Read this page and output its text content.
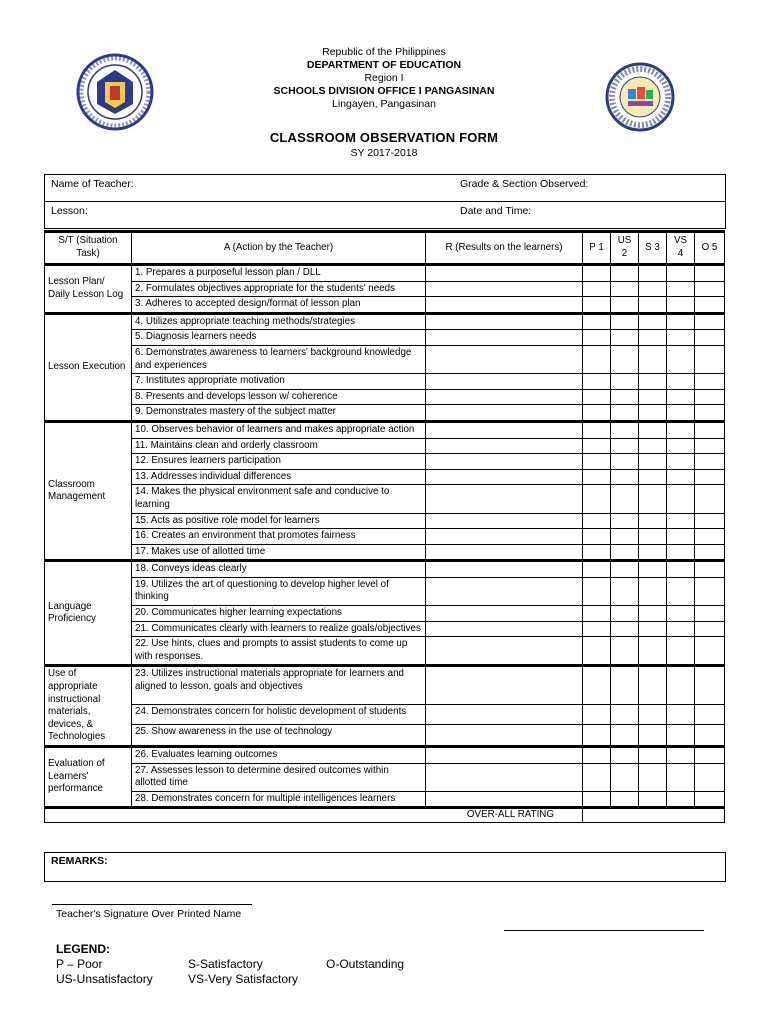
Republic of the Philippines
DEPARTMENT OF EDUCATION
Region I
SCHOOLS DIVISION OFFICE I PANGASINAN
Lingayen, Pangasinan
CLASSROOM OBSERVATION FORM
SY 2017-2018
Name of Teacher:	Grade & Section Observed:
Lesson:	Date and Time:
S/T (Situation Task)	A (Action by the Teacher)	R (Results on the learners)	P 1	US 2	S 3	VS 4	O 5
Lesson Plan/ Daily Lesson Log	1. Prepares a purposeful lesson plan / DLL						
	2. Formulates objectives appropriate for the students' needs						
	3. Adheres to accepted design/format of lesson plan						
Lesson Execution	4. Utilizes appropriate teaching methods/strategies						
	5. Diagnosis learners needs						
	6. Demonstrates awareness to learners' background knowledge and experiences						
	7. Institutes appropriate motivation						
	8. Presents and develops lesson w/ coherence						
	9. Demonstrates mastery of the subject matter						
Classroom Management	10. Observes behavior of learners and makes appropriate action						
	11. Maintains clean and orderly classroom						
	12. Ensures learners participation						
	13. Addresses individual differences						
	14. Makes the physical environment safe and conducive to learning						
	15. Acts as positive role model for learners						
	16. Creates an environment that promotes fairness						
	17. Makes use of allotted time						
Language Proficiency	18. Conveys ideas clearly						
	19. Utilizes the art of questioning to develop higher level of thinking						
	20. Communicates higher learning expectations						
	21. Communicates clearly with learners to realize goals/objectives						
	22. Use hints, clues and prompts to assist students to come up with responses.						
Use of appropriate instructional materials, devices, & Technologies	23. Utilizes instructional materials appropriate for learners and aligned to lesson, goals and objectives						
	24. Demonstrates concern for holistic development of students						
	25. Show awareness in the use of technology						
Evaluation of Learners' performance	26. Evaluates learning outcomes						
	27. Assesses lesson to determine desired outcomes within allotted time						
	28. Demonstrates concern for multiple intelligences learners						
OVER-ALL RATING							
REMARKS:
Teacher's Signature Over Printed Name
LEGEND:
P – Poor	S-Satisfactory	O-Outstanding
US-Unsatisfactory	VS-Very Satisfactory
